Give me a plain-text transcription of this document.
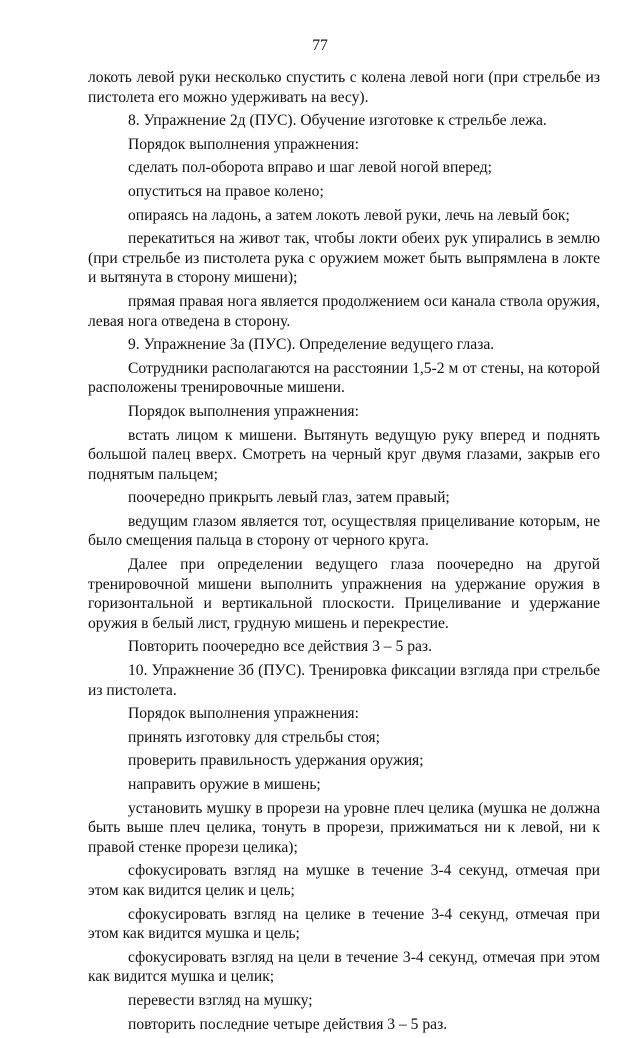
77

локоть левой руки несколько спустить с колена левой ноги (при стрельбе из пистолета его можно удерживать на весу).

8. Упражнение 2д (ПУС). Обучение изготовке к стрельбе лежа.

Порядок выполнения упражнения:

сделать пол-оборота вправо и шаг левой ногой вперед;

опуститься на правое колено;

опираясь на ладонь, а затем локоть левой руки, лечь на левый бок;

перекатиться на живот так, чтобы локти обеих рук упирались в землю (при стрельбе из пистолета рука с оружием может быть выпрямлена в локте и вытянута в сторону мишени);

прямая правая нога является продолжением оси канала ствола оружия, левая нога отведена в сторону.

9. Упражнение 3а (ПУС). Определение ведущего глаза.

Сотрудники располагаются на расстоянии 1,5-2 м от стены, на которой расположены тренировочные мишени.

Порядок выполнения упражнения:

встать лицом к мишени. Вытянуть ведущую руку вперед и поднять большой палец вверх. Смотреть на черный круг двумя глазами, закрыв его поднятым пальцем;

поочередно прикрыть левый глаз, затем правый;

ведущим глазом является тот, осуществляя прицеливание которым, не было смещения пальца в сторону от черного круга.

Далее при определении ведущего глаза поочередно на другой тренировочной мишени выполнить упражнения на удержание оружия в горизонтальной и вертикальной плоскости. Прицеливание и удержание оружия в белый лист, грудную мишень и перекрестие.

Повторить поочередно все действия 3 – 5 раз.

10. Упражнение 3б (ПУС). Тренировка фиксации взгляда при стрельбе из пистолета.

Порядок выполнения упражнения:

принять изготовку для стрельбы стоя;

проверить правильность удержания оружия;

направить оружие в мишень;

установить мушку в прорези на уровне плеч целика (мушка не должна быть выше плеч целика, тонуть в прорези, прижиматься ни к левой, ни к правой стенке прорези целика);

сфокусировать взгляд на мушке в течение 3-4 секунд, отмечая при этом как видится целик и цель;

сфокусировать взгляд на целике в течение 3-4 секунд, отмечая при этом как видится мушка и цель;

сфокусировать взгляд на цели в течение 3-4 секунд, отмечая при этом как видится мушка и целик;

перевести взгляд на мушку;

повторить последние четыре действия 3 – 5 раз.
